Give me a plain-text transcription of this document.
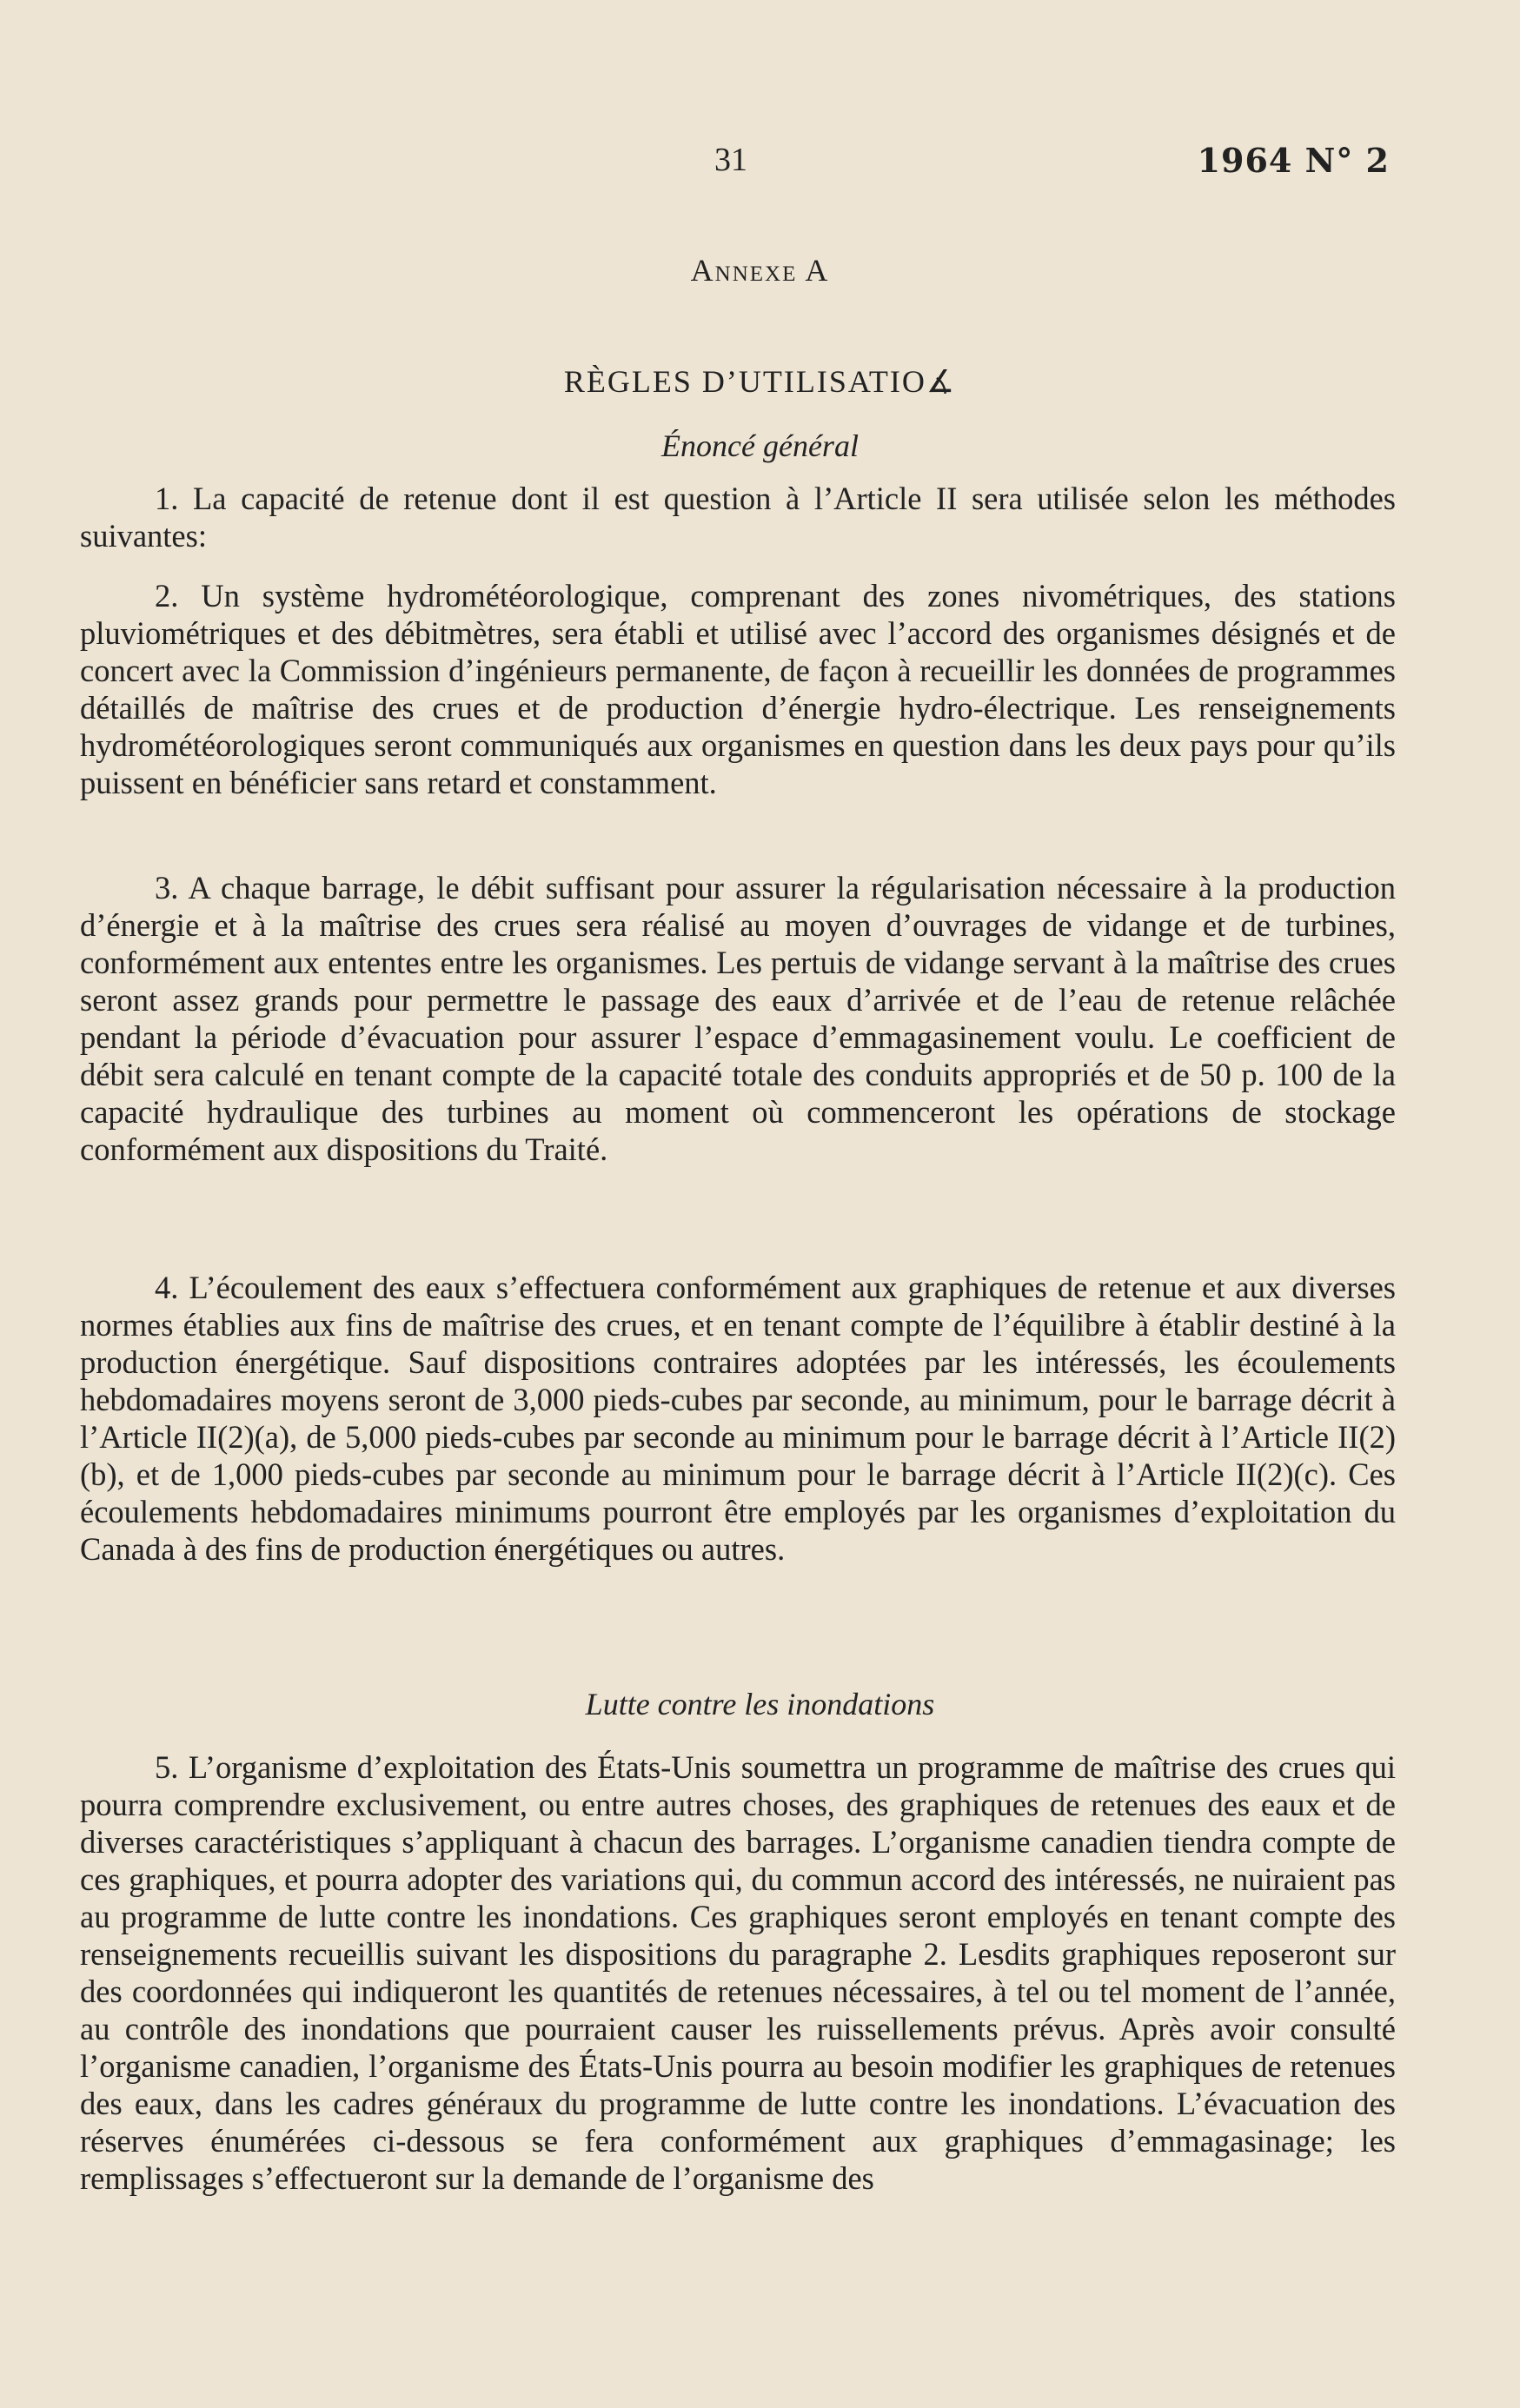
31	1964 N° 2
Annexe A
RÈGLES D’UTILISATIO∡
Énoncé général

1. La capacité de retenue dont il est question à l’Article II sera utilisée selon les méthodes suivantes:

2. Un système hydrométéorologique, comprenant des zones nivométriques, des stations pluviométriques et des débitmètres, sera établi et utilisé avec l’accord des organismes désignés et de concert avec la Commission d’ingénieurs permanente, de façon à recueillir les données de programmes détaillés de maîtrise des crues et de production d’énergie hydro-électrique. Les renseignements hydrométéorologiques seront communiqués aux organismes en question dans les deux pays pour qu’ils puissent en bénéficier sans retard et constamment.

3. A chaque barrage, le débit suffisant pour assurer la régularisation nécessaire à la production d’énergie et à la maîtrise des crues sera réalisé au moyen d’ouvrages de vidange et de turbines, conformément aux ententes entre les organismes. Les pertuis de vidange servant à la maîtrise des crues seront assez grands pour permettre le passage des eaux d’arrivée et de l’eau de retenue relâchée pendant la période d’évacuation pour assurer l’espace d’emmagasinement voulu. Le coefficient de débit sera calculé en tenant compte de la capacité totale des conduits appropriés et de 50 p. 100 de la capacité hydraulique des turbines au moment où commenceront les opérations de stockage conformément aux dispositions du Traité.

4. L’écoulement des eaux s’effectuera conformément aux graphiques de retenue et aux diverses normes établies aux fins de maîtrise des crues, et en tenant compte de l’équilibre à établir destiné à la production énergétique. Sauf dispositions contraires adoptées par les intéressés, les écoulements hebdomadaires moyens seront de 3,000 pieds-cubes par seconde, au minimum, pour le barrage décrit à l’Article II(2)(a), de 5,000 pieds-cubes par seconde au minimum pour le barrage décrit à l’Article II(2)(b), et de 1,000 pieds-cubes par seconde au minimum pour le barrage décrit à l’Article II(2)(c). Ces écoulements hebdomadaires minimums pourront être employés par les organismes d’exploitation du Canada à des fins de production énergétiques ou autres.

Lutte contre les inondations

5. L’organisme d’exploitation des États-Unis soumettra un programme de maîtrise des crues qui pourra comprendre exclusivement, ou entre autres choses, des graphiques de retenues des eaux et de diverses caractéristiques s’appliquant à chacun des barrages. L’organisme canadien tiendra compte de ces graphiques, et pourra adopter des variations qui, du commun accord des intéressés, ne nuiraient pas au programme de lutte contre les inondations. Ces graphiques seront employés en tenant compte des renseignements recueillis suivant les dispositions du paragraphe 2. Lesdits graphiques reposeront sur des coordonnées qui indiqueront les quantités de retenues nécessaires, à tel ou tel moment de l’année, au contrôle des inondations que pourraient causer les ruissellements prévus. Après avoir consulté l’organisme canadien, l’organisme des États-Unis pourra au besoin modifier les graphiques de retenues des eaux, dans les cadres généraux du programme de lutte contre les inondations. L’évacuation des réserves énumérées ci-dessous se fera conformément aux graphiques d’emmagasinage; les remplissages s’effectueront sur la demande de l’organisme des
